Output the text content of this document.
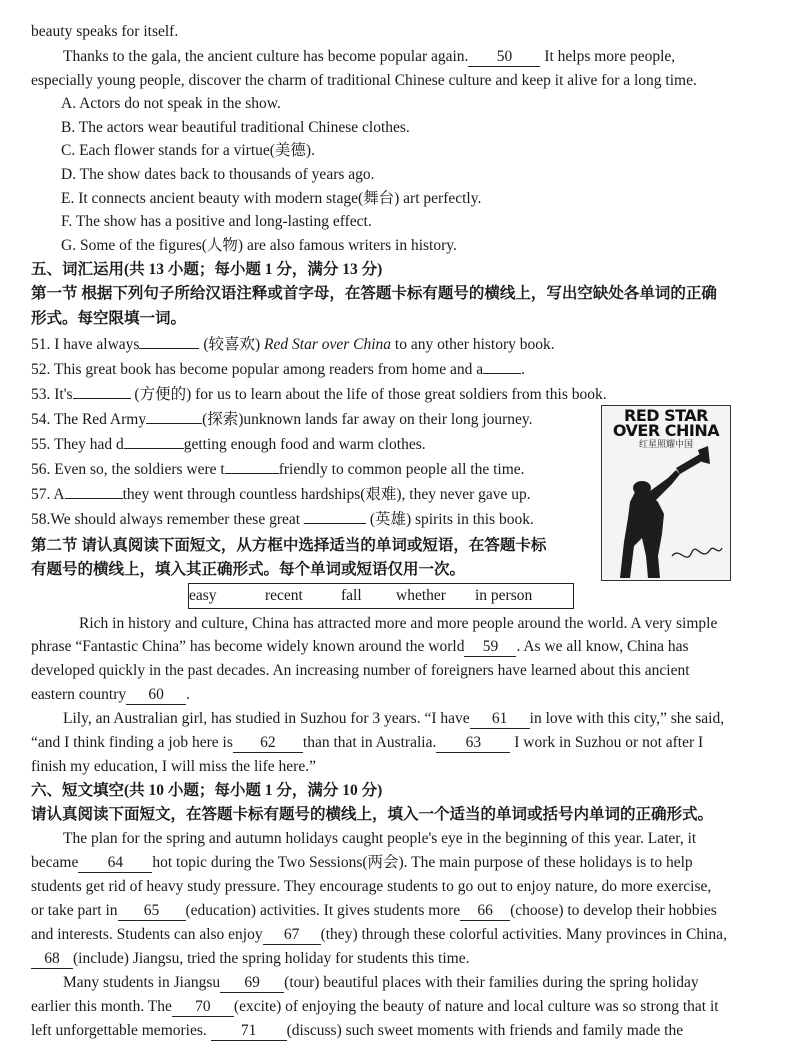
beauty speaks for itself.
Thanks to the gala, the ancient culture has become popular again. 50 It helps more people,
especially young people, discover the charm of traditional Chinese culture and keep it alive for a long time.
A. Actors do not speak in the show.
B. The actors wear beautiful traditional Chinese clothes.
C. Each flower stands for a virtue(美德).
D. The show dates back to thousands of years ago.
E. It connects ancient beauty with modern stage(舞台) art perfectly.
F. The show has a positive and long-lasting effect.
G. Some of the figures(人物) are also famous writers in history.
五、词汇运用(共 13 小题；每小题 1 分，满分 13 分)
第一节 根据下列句子所给汉语注释或首字母，在答题卡标有题号的横线上，写出空缺处各单词的正确
形式。每空限填一词。
51. I have always	(较喜欢) Red Star over China to any other history book.
52. This great book has become popular among readers from home and a .
53. It's	(方便的) for us to learn about the life of those great soldiers from this book.
54. The Red Army	(探索)unknown lands far away on their long journey.
55. They had d	getting enough food and warm clothes.
56. Even so, the soldiers were t	friendly to common people all the time.
57. A	they went through countless hardships(艰难), they never gave up.
58.We should always remember these great	(英雄) spirits in this book.
第二节 请认真阅读下面短文，从方框中选择适当的单词或短语，在答题卡标
有题号的横线上，填入其正确形式。每个单词或短语仅用一次。
RED STAR
OVER CHINA
红星照耀中国
easy	recent fall whether in person
Rich in history and culture, China has attracted more and more people around the world. A very simple
phrase “Fantastic China” has become widely known around the world 59 . As we all know, China has
developed quickly in the past decades. An increasing number of foreigners have learned about this ancient
eastern country 60 .
Lily, an Australian girl, has studied in Suzhou for 3 years. “I have 61 in love with this city,” she said,
“and I think finding a job here is 62 than that in Australia. 63 I work in Suzhou or not after I
finish my education, I will miss the life here.”
六、短文填空(共 10 小题；每小题 1 分，满分 10 分)
请认真阅读下面短文，在答题卡标有题号的横线上，填入一个适当的单词或括号内单词的正确形式。
The plan for the spring and autumn holidays caught people's eye in the beginning of this year. Later, it
became 64 hot topic during the Two Sessions(两会). The main purpose of these holidays is to help
students get rid of heavy study pressure. They encourage students to go out to enjoy nature, do more exercise,
or take part in 65 (education) activities. It gives students more 66 (choose) to develop their hobbies
and interests. Students can also enjoy 67 (they) through these colorful activities. Many provinces in China,
68 (include) Jiangsu, tried the spring holiday for students this time.
Many students in Jiangsu 69 (tour) beautiful places with their families during the spring holiday
earlier this month. The 70 (excite) of enjoying the beauty of nature and local culture was so strong that it
left unforgettable memories. 71 (discuss) such sweet moments with friends and family made the
